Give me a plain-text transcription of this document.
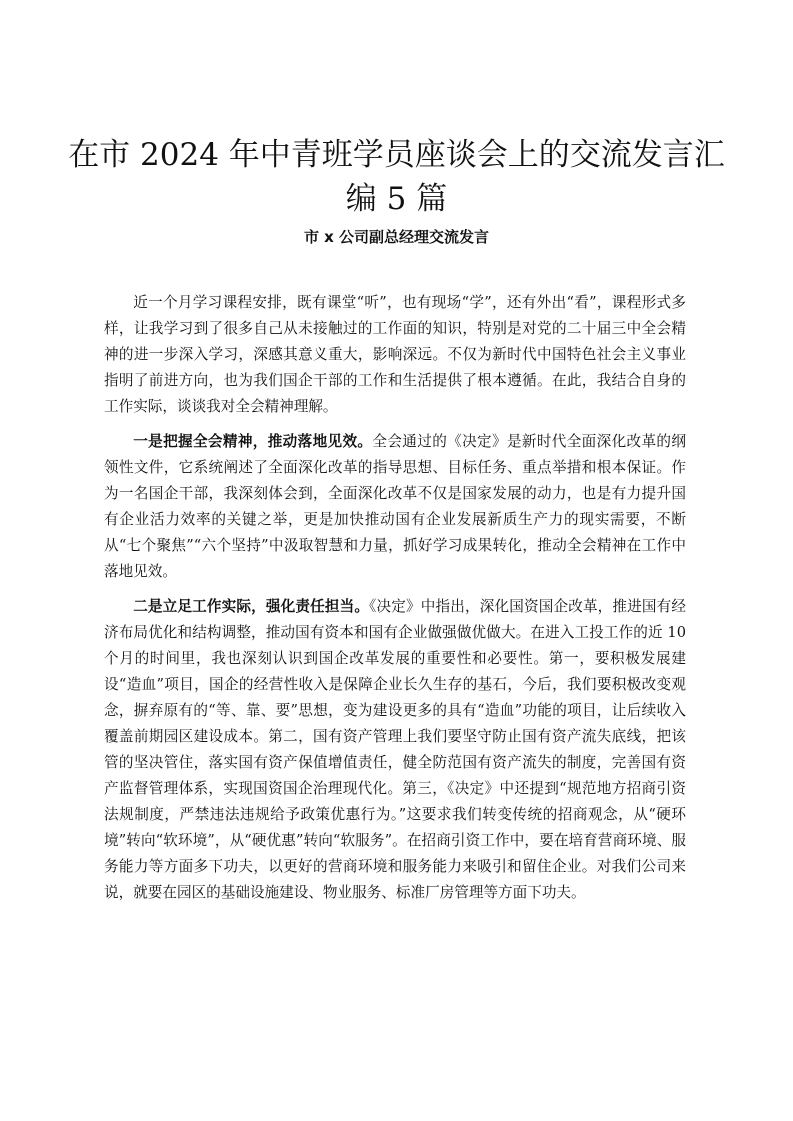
在市 2024 年中青班学员座谈会上的交流发言汇编 5 篇
市 x 公司副总经理交流发言

近一个月学习课程安排，既有课堂“听”，也有现场“学”，还有外出“看”，课程形式多样，让我学习到了很多自己从未接触过的工作面的知识，特别是对党的二十届三中全会精神的进一步深入学习，深感其意义重大，影响深远。不仅为新时代中国特色社会主义事业指明了前进方向，也为我们国企干部的工作和生活提供了根本遵循。在此，我结合自身的工作实际，谈谈我对全会精神理解。

一是把握全会精神，推动落地见效。全会通过的《决定》是新时代全面深化改革的纲领性文件，它系统阐述了全面深化改革的指导思想、目标任务、重点举措和根本保证。作为一名国企干部，我深刻体会到，全面深化改革不仅是国家发展的动力，也是有力提升国有企业活力效率的关键之举，更是加快推动国有企业发展新质生产力的现实需要，不断从“七个聚焦”“六个坚持”中汲取智慧和力量，抓好学习成果转化，推动全会精神在工作中落地见效。

二是立足工作实际，强化责任担当。《决定》中指出，深化国资国企改革，推进国有经济布局优化和结构调整，推动国有资本和国有企业做强做优做大。在进入工投工作的近 10 个月的时间里，我也深刻认识到国企改革发展的重要性和必要性。第一，要积极发展建设“造血”项目，国企的经营性收入是保障企业长久生存的基石，今后，我们要积极改变观念，摒弃原有的“等、靠、要”思想，变为建设更多的具有“造血”功能的项目，让后续收入覆盖前期园区建设成本。第二，国有资产管理上我们要坚守防止国有资产流失底线，把该管的坚决管住，落实国有资产保值增值责任，健全防范国有资产流失的制度，完善国有资产监督管理体系，实现国资国企治理现代化。第三，《决定》中还提到“规范地方招商引资法规制度，严禁违法违规给予政策优惠行为。”这要求我们转变传统的招商观念，从“硬环境”转向“软环境”，从“硬优惠”转向“软服务”。在招商引资工作中，要在培育营商环境、服务能力等方面多下功夫，以更好的营商环境和服务能力来吸引和留住企业。对我们公司来说，就要在园区的基础设施建设、物业服务、标准厂房管理等方面下功夫。
